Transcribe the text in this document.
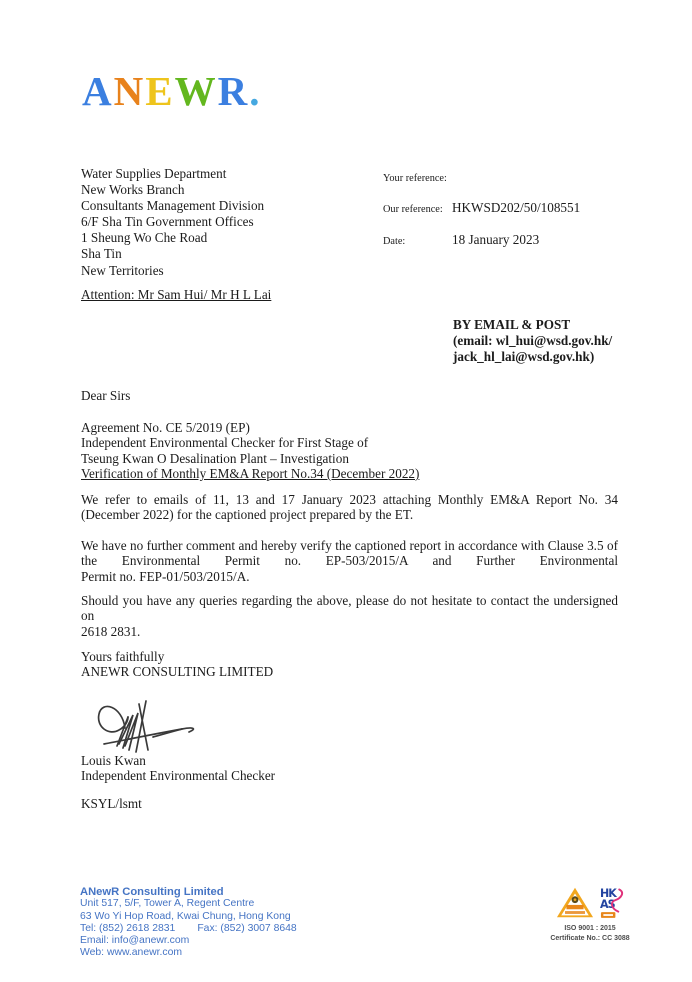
ANEWR.
Water Supplies Department
New Works Branch
Consultants Management Division
6/F Sha Tin Government Offices
1 Sheung Wo Che Road
Sha Tin
New Territories
Attention: Mr Sam Hui/ Mr H L Lai
Your reference:
Our reference: HKWSD202/50/108551
Date:	18 January 2023
BY EMAIL & POST
(email: wl_hui@wsd.gov.hk/
jack_hl_lai@wsd.gov.hk)
Dear Sirs
Agreement No. CE 5/2019 (EP)
Independent Environmental Checker for First Stage of
Tseung Kwan O Desalination Plant – Investigation
Verification of Monthly EM&A Report No.34 (December 2022)
We refer to emails of 11, 13 and 17 January 2023 attaching Monthly EM&A Report No. 34
(December 2022) for the captioned project prepared by the ET.
We have no further comment and hereby verify the captioned report in accordance with Clause 3.5 of
the Environmental Permit no. EP-503/2015/A and Further Environmental
Permit no. FEP-01/503/2015/A.
Should you have any queries regarding the above, please do not hesitate to contact the undersigned on
2618 2831.
Yours faithfully
ANEWR CONSULTING LIMITED
Louis Kwan
Independent Environmental Checker
KSYL/lsmt
ANewR Consulting Limited
Unit 517, 5/F, Tower A, Regent Centre
63 Wo Yi Hop Road, Kwai Chung, Hong Kong
Tel: (852) 2618 2831 Fax: (852) 3007 8648
Email: info@anewr.com
Web: www.anewr.com
HK
AS
ISO 9001 : 2015
Certificate No.: CC 3088
